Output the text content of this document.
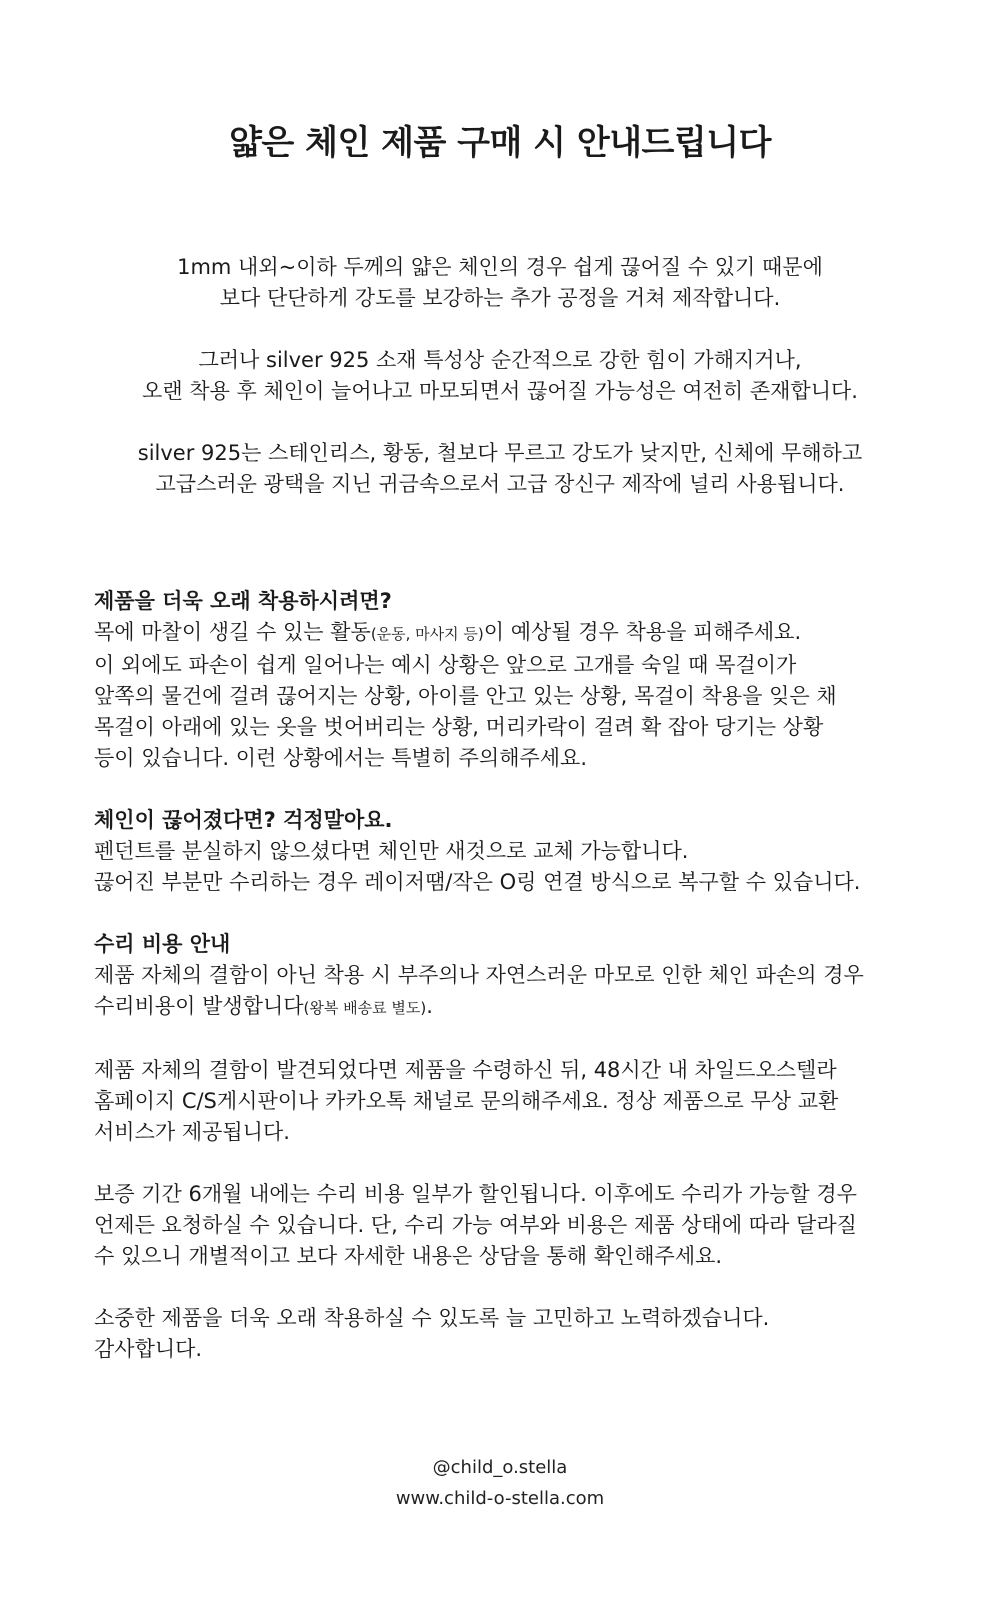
얇은 체인 제품 구매 시 안내드립니다

1mm 내외~이하 두께의 얇은 체인의 경우 쉽게 끊어질 수 있기 때문에
보다 단단하게 강도를 보강하는 추가 공정을 거쳐 제작합니다.

그러나 silver 925 소재 특성상 순간적으로 강한 힘이 가해지거나,
오랜 착용 후 체인이 늘어나고 마모되면서 끊어질 가능성은 여전히 존재합니다.

silver 925는 스테인리스, 황동, 철보다 무르고 강도가 낮지만, 신체에 무해하고
고급스러운 광택을 지닌 귀금속으로서 고급 장신구 제작에 널리 사용됩니다.

제품을 더욱 오래 착용하시려면?

목에 마찰이 생길 수 있는 활동(운동, 마사지 등)이 예상될 경우 착용을 피해주세요.
이 외에도 파손이 쉽게 일어나는 예시 상황은 앞으로 고개를 숙일 때 목걸이가
앞쪽의 물건에 걸려 끊어지는 상황, 아이를 안고 있는 상황, 목걸이 착용을 잊은 채
목걸이 아래에 있는 옷을 벗어버리는 상황, 머리카락이 걸려 확 잡아 당기는 상황
등이 있습니다. 이런 상황에서는 특별히 주의해주세요.

체인이 끊어졌다면? 걱정말아요.

펜던트를 분실하지 않으셨다면 체인만 새것으로 교체 가능합니다.
끊어진 부분만 수리하는 경우 레이저땜/작은 O링 연결 방식으로 복구할 수 있습니다.

수리 비용 안내

제품 자체의 결함이 아닌 착용 시 부주의나 자연스러운 마모로 인한 체인 파손의 경우
수리비용이 발생합니다(왕복 배송료 별도).

제품 자체의 결함이 발견되었다면 제품을 수령하신 뒤, 48시간 내 차일드오스텔라
홈페이지 C/S게시판이나 카카오톡 채널로 문의해주세요. 정상 제품으로 무상 교환
서비스가 제공됩니다.

보증 기간 6개월 내에는 수리 비용 일부가 할인됩니다. 이후에도 수리가 가능할 경우
언제든 요청하실 수 있습니다. 단, 수리 가능 여부와 비용은 제품 상태에 따라 달라질
수 있으니 개별적이고 보다 자세한 내용은 상담을 통해 확인해주세요.

소중한 제품을 더욱 오래 착용하실 수 있도록 늘 고민하고 노력하겠습니다.
감사합니다.

@child_o.stella
www.child-o-stella.com
